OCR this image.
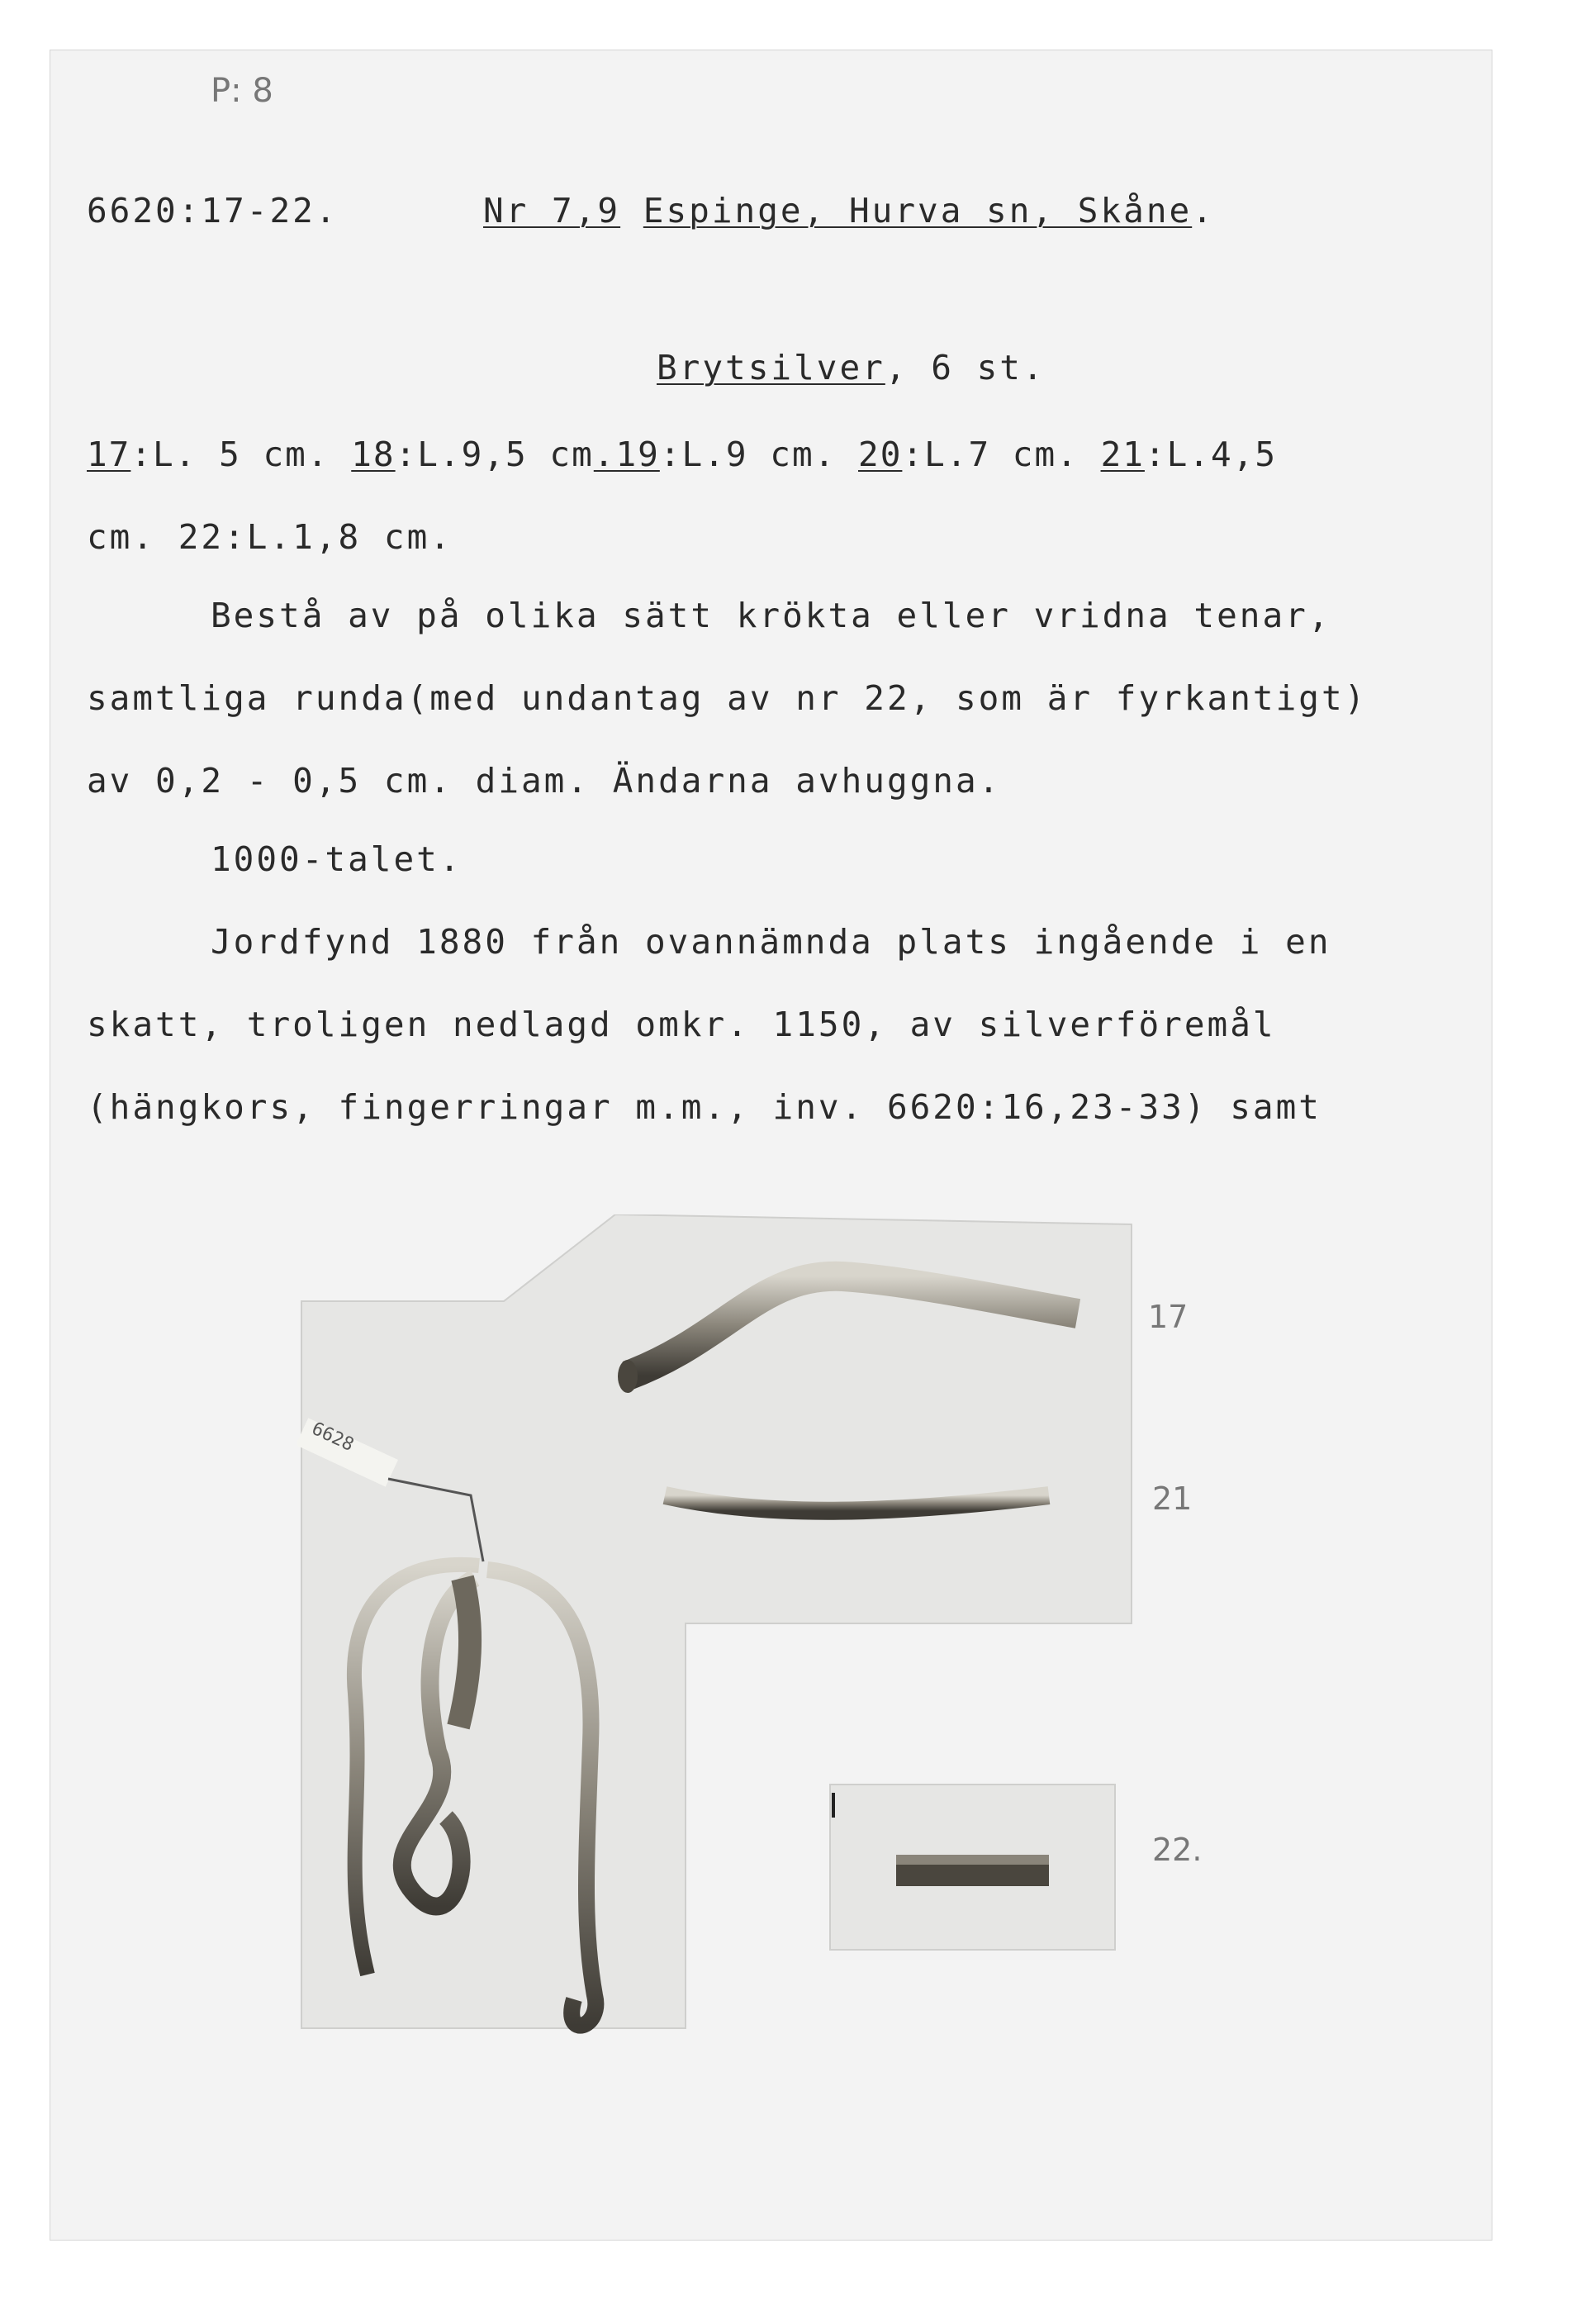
P: 8
6620:17-22.	Nr 7,9 Espinge, Hurva sn, Skåne.
Brytsilver, 6 st.
17:L. 5 cm. 18:L.9,5 cm.19:L.9 cm. 20:L.7 cm. 21:L.4,5
cm. 22:L.1,8 cm.
Bestå av på olika sätt krökta eller vridna tenar,
samtliga runda(med undantag av nr 22, som är fyrkantigt)
av 0,2 - 0,5 cm. diam. Ändarna avhuggna.
1000-talet.
Jordfynd 1880 från ovannämnda plats ingående i en
skatt, troligen nedlagd omkr. 1150, av silverföremål
(hängkors, fingerringar m.m., inv. 6620:16,23-33) samt
6628
17
21
22.
